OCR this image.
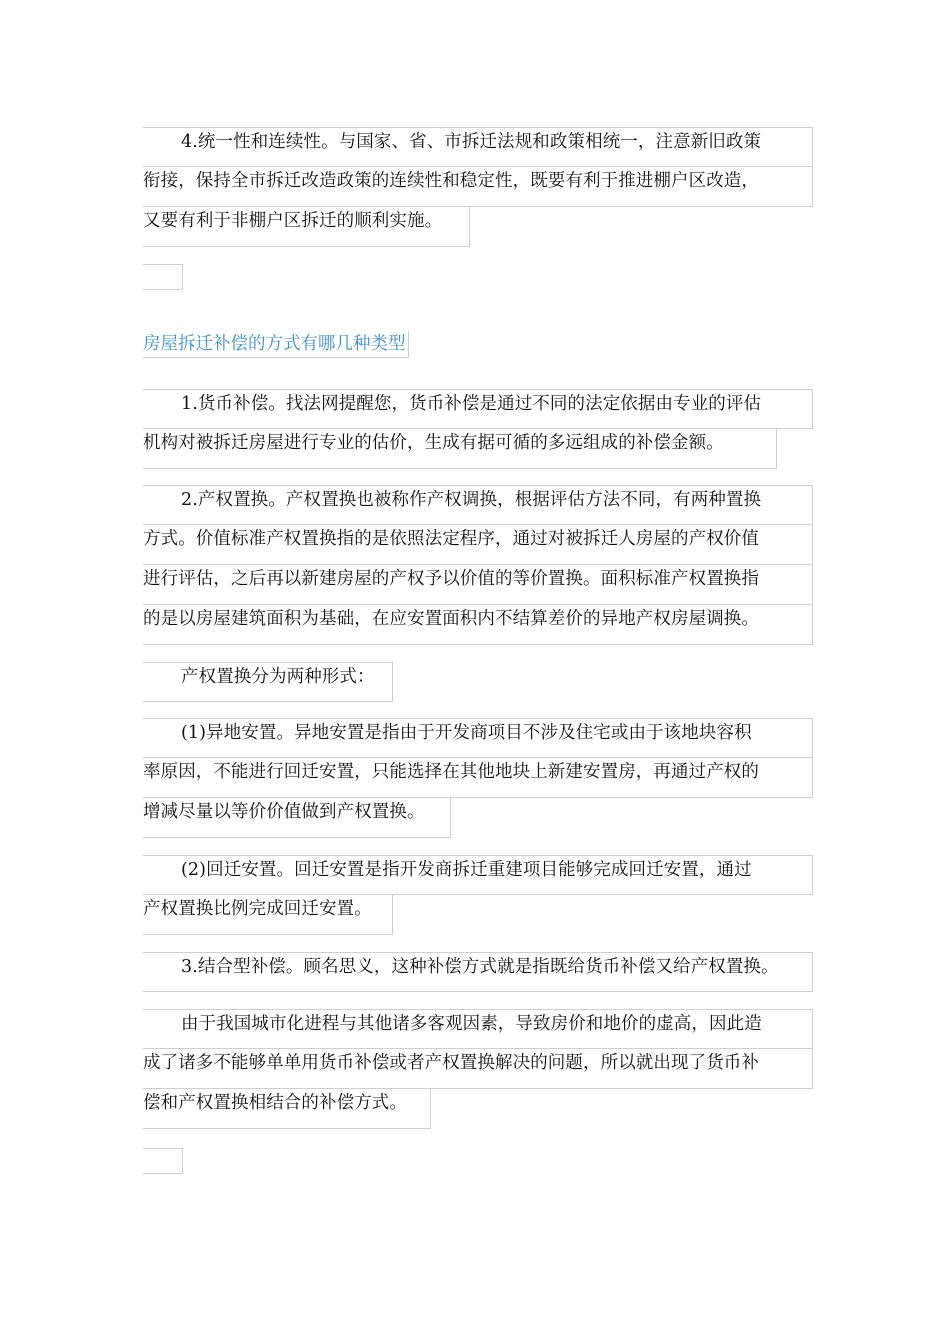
4.统一性和连续性。与国家、省、市拆迁法规和政策相统一，注意新旧政策
衔接，保持全市拆迁改造政策的连续性和稳定性，既要有利于推进棚户区改造，
又要有利于非棚户区拆迁的顺利实施。
房屋拆迁补偿的方式有哪几种类型
1.货币补偿。找法网提醒您，货币补偿是通过不同的法定依据由专业的评估
机构对被拆迁房屋进行专业的估价，生成有据可循的多远组成的补偿金额。
2.产权置换。产权置换也被称作产权调换，根据评估方法不同，有两种置换
方式。价值标准产权置换指的是依照法定程序，通过对被拆迁人房屋的产权价值
进行评估，之后再以新建房屋的产权予以价值的等价置换。面积标准产权置换指
的是以房屋建筑面积为基础，在应安置面积内不结算差价的异地产权房屋调换。
产权置换分为两种形式：
(1)异地安置。异地安置是指由于开发商项目不涉及住宅或由于该地块容积
率原因，不能进行回迁安置，只能选择在其他地块上新建安置房，再通过产权的
增减尽量以等价价值做到产权置换。
(2)回迁安置。回迁安置是指开发商拆迁重建项目能够完成回迁安置，通过
产权置换比例完成回迁安置。
3.结合型补偿。顾名思义，这种补偿方式就是指既给货币补偿又给产权置换。
由于我国城市化进程与其他诸多客观因素，导致房价和地价的虚高，因此造
成了诸多不能够单单用货币补偿或者产权置换解决的问题，所以就出现了货币补
偿和产权置换相结合的补偿方式。
